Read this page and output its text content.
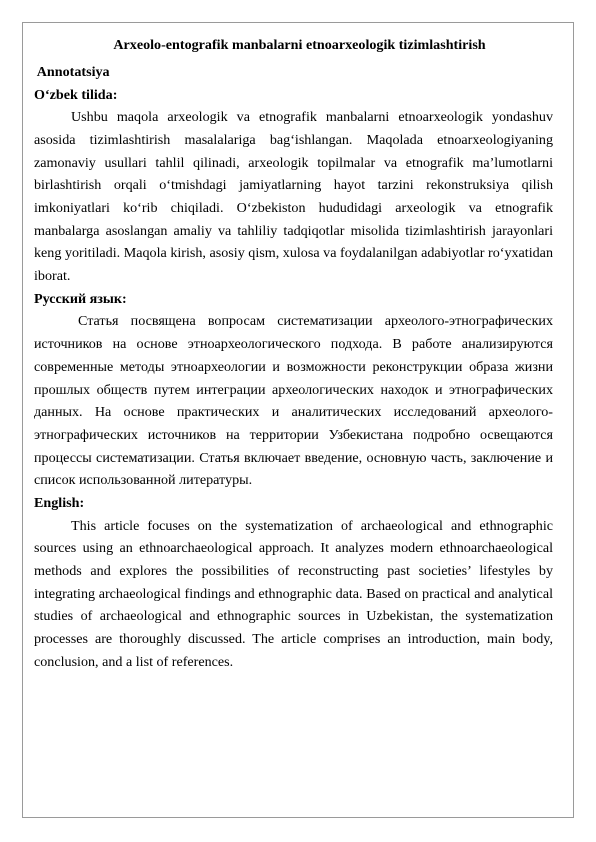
Arxeolo-entografik manbalarni etnoarxeologik tizimlashtirish

Annotatsiya

O‘zbek tilida:

Ushbu maqola arxeologik va etnografik manbalarni etnoarxeologik yondashuv asosida tizimlashtirish masalalariga bag‘ishlangan. Maqolada etnoarxeologiyaning zamonaviy usullari tahlil qilinadi, arxeologik topilmalar va etnografik ma’lumotlarni birlashtirish orqali o‘tmishdagi jamiyatlarning hayot tarzini rekonstruksiya qilish imkoniyatlari ko‘rib chiqiladi. O‘zbekiston hududidagi arxeologik va etnografik manbalarga asoslangan amaliy va tahliliy tadqiqotlar misolida tizimlashtirish jarayonlari keng yoritiladi. Maqola kirish, asosiy qism, xulosa va foydalanilgan adabiyotlar ro‘yxatidan iborat.

Русский язык:

Статья посвящена вопросам систематизации археолого-этнографических источников на основе этноархеологического подхода. В работе анализируются современные методы этноархеологии и возможности реконструкции образа жизни прошлых обществ путем интеграции археологических находок и этнографических данных. На основе практических и аналитических исследований археолого-этнографических источников на территории Узбекистана подробно освещаются процессы систематизации. Статья включает введение, основную часть, заключение и список использованной литературы.

English:

This article focuses on the systematization of archaeological and ethnographic sources using an ethnoarchaeological approach. It analyzes modern ethnoarchaeological methods and explores the possibilities of reconstructing past societies’ lifestyles by integrating archaeological findings and ethnographic data. Based on practical and analytical studies of archaeological and ethnographic sources in Uzbekistan, the systematization processes are thoroughly discussed. The article comprises an introduction, main body, conclusion, and a list of references.
